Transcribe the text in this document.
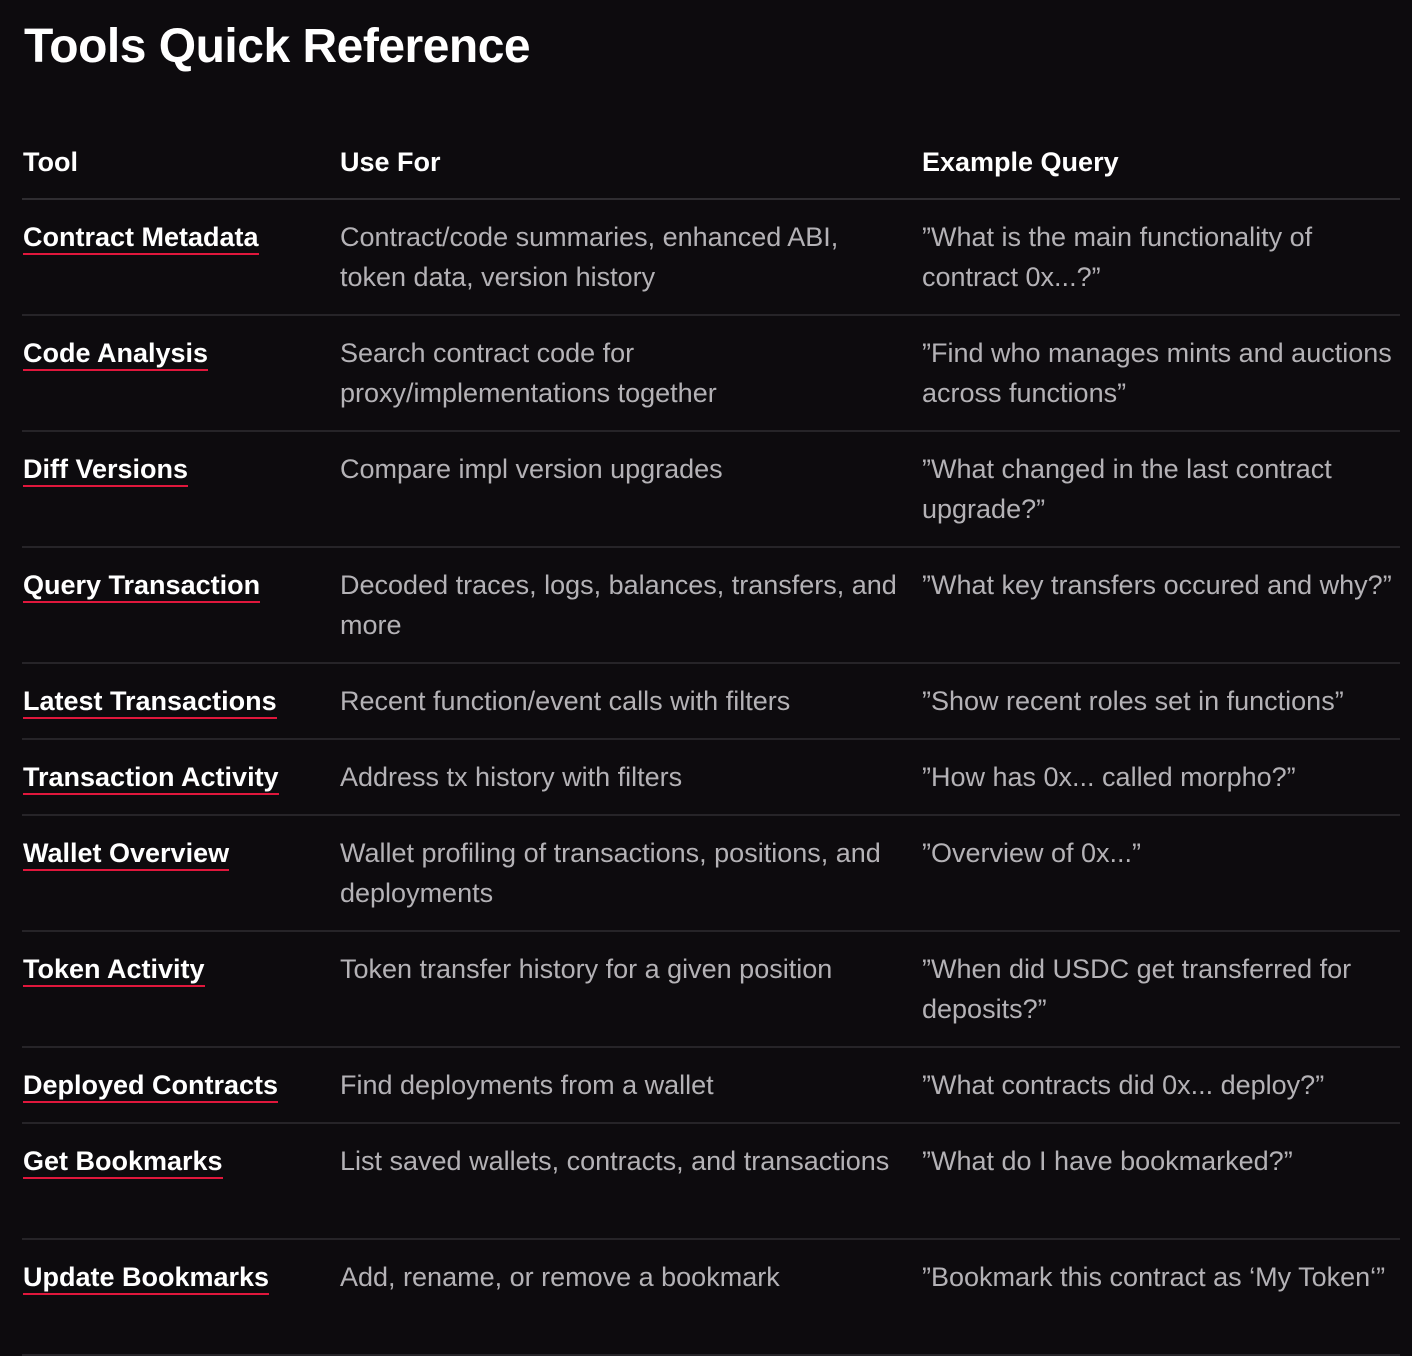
Tools Quick Reference
Tool	Use For	Example Query
Contract Metadata	Contract/code summaries, enhanced ABI, token data, version history	”What is the main functionality of contract 0x...?”
Code Analysis	Search contract code for proxy/implementations together	”Find who manages mints and auctions across functions”
Diff Versions	Compare impl version upgrades	”What changed in the last contract upgrade?”
Query Transaction	Decoded traces, logs, balances, transfers, and more	”What key transfers occured and why?”
Latest Transactions	Recent function/event calls with filters	”Show recent roles set in functions”
Transaction Activity	Address tx history with filters	”How has 0x... called morpho?”
Wallet Overview	Wallet profiling of transactions, positions, and deployments	”Overview of 0x...”
Token Activity	Token transfer history for a given position	”When did USDC get transferred for deposits?”
Deployed Contracts	Find deployments from a wallet	”What contracts did 0x... deploy?”
Get Bookmarks	List saved wallets, contracts, and transactions	”What do I have bookmarked?”
Update Bookmarks	Add, rename, or remove a bookmark	”Bookmark this contract as ‘My Token‘”
